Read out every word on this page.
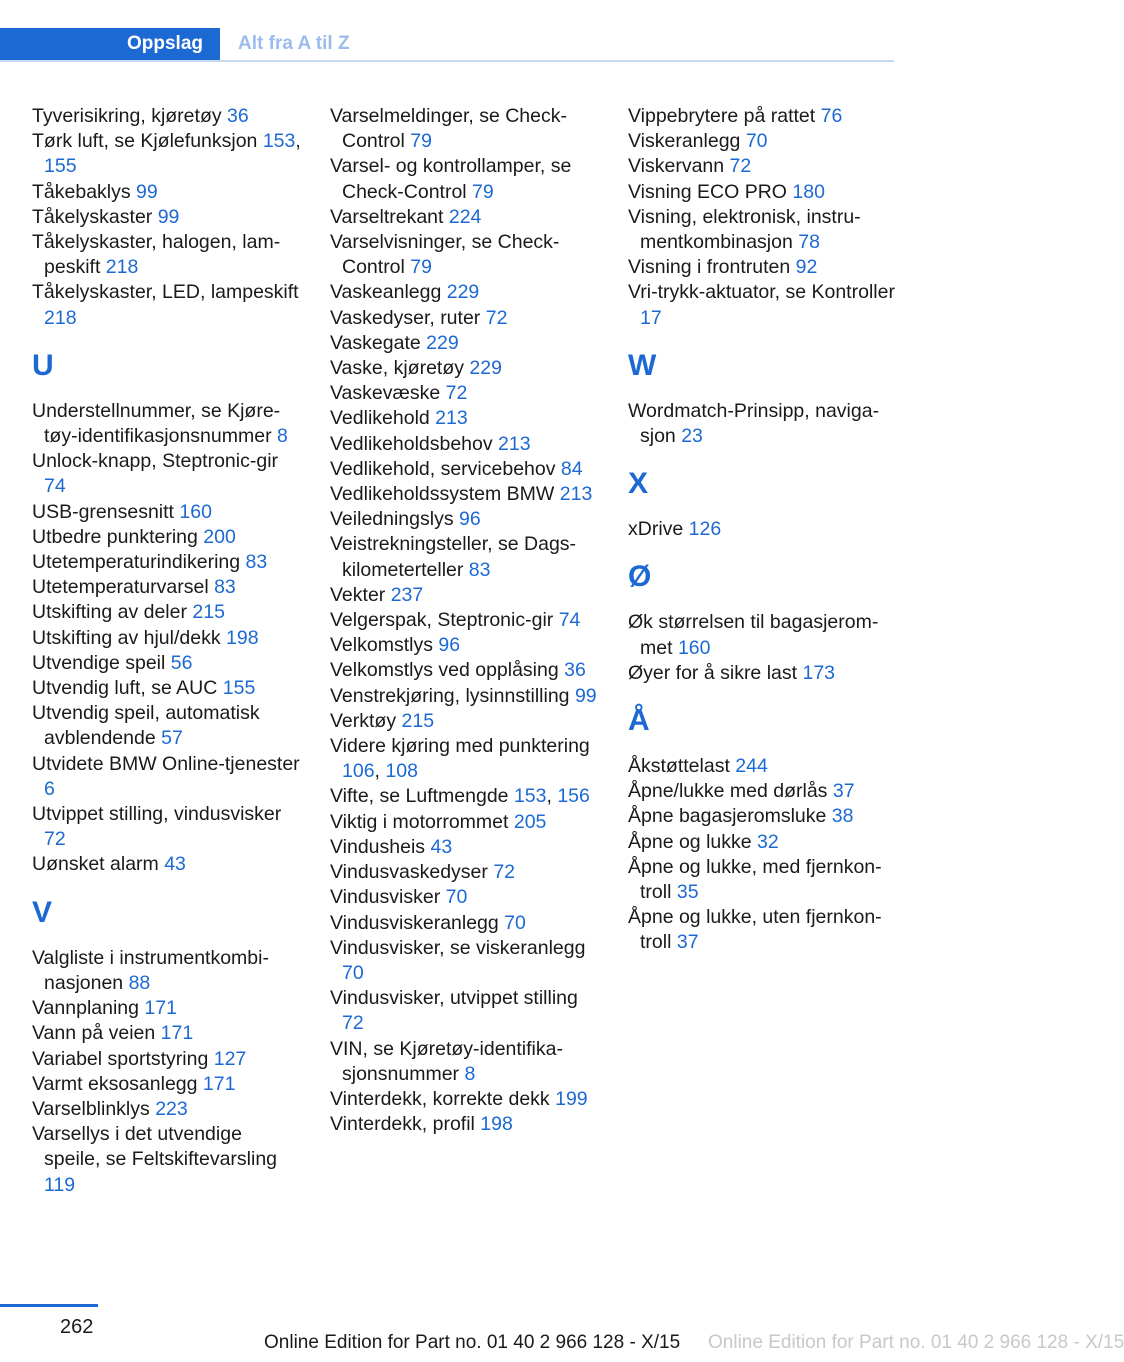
Oppslag	Alt fra A til Z

Tyverisikring, kjøretøy 36

Tørk luft, se Kjølefunksjon 153, 155

Tåkebaklys 99

Tåkelyskaster 99

Tåkelyskaster, halogen, lampeskift 218

Tåkelyskaster, LED, lampeskift 218

U

Understellnummer, se Kjøretøy-identifikasjonsnummer 8

Unlock-knapp, Steptronic-gir 74

USB-grensesnitt 160

Utbedre punktering 200

Utetemperaturindikering 83

Utetemperaturvarsel 83

Utskifting av deler 215

Utskifting av hjul/dekk 198

Utvendige speil 56

Utvendig luft, se AUC 155

Utvendig speil, automatisk avblendende 57

Utvidete BMW Online-tjenester 6

Utvippet stilling, vindusvisker 72

Uønsket alarm 43

V

Valgliste i instrumentkombinasjonen 88

Vannplaning 171

Vann på veien 171

Variabel sportstyring 127

Varmt eksosanlegg 171

Varselblinklys 223

Varsellys i det utvendige speile, se Feltskiftevarsling 119

Varselmeldinger, se Check-Control 79

Varsel- og kontrollamper, se Check-Control 79

Varseltrekant 224

Varselvisninger, se Check-Control 79

Vaskeanlegg 229

Vaskedyser, ruter 72

Vaskegate 229

Vaske, kjøretøy 229

Vaskevæske 72

Vedlikehold 213

Vedlikeholdsbehov 213

Vedlikehold, servicebehov 84

Vedlikeholdssystem BMW 213

Veiledningslys 96

Veistrekningsteller, se Dagskilometerteller 83

Vekter 237

Velgerspak, Steptronic-gir 74

Velkomstlys 96

Velkomstlys ved opplåsing 36

Venstrekjøring, lysinnstilling 99

Verktøy 215

Videre kjøring med punktering 106, 108

Vifte, se Luftmengde 153, 156

Viktig i motorrommet 205

Vindusheis 43

Vindusvaskedyser 72

Vindusvisker 70

Vindusviskeranlegg 70

Vindusvisker, se viskeranlegg 70

Vindusvisker, utvippet stilling 72

VIN, se Kjøretøy-identifikasjonsnummer 8

Vinterdekk, korrekte dekk 199

Vinterdekk, profil 198

Vippebrytere på rattet 76

Viskeranlegg 70

Viskervann 72

Visning ECO PRO 180

Visning, elektronisk, instrumentkombinasjon 78

Visning i frontruten 92

Vri-trykk-aktuator, se Kontroller 17

W

Wordmatch-Prinsipp, navigasjon 23

X

xDrive 126

Ø

Øk størrelsen til bagasjerommet 160

Øyer for å sikre last 173

Å

Åkstøttelast 244

Åpne/lukke med dørlås 37

Åpne bagasjeromsluke 38

Åpne og lukke 32

Åpne og lukke, med fjernkontroll 35

Åpne og lukke, uten fjernkontroll 37

262
Online Edition for Part no. 01 40 2 966 128 - X/15 Online Edition for Part no. 01 40 2 966 128 - X/15
